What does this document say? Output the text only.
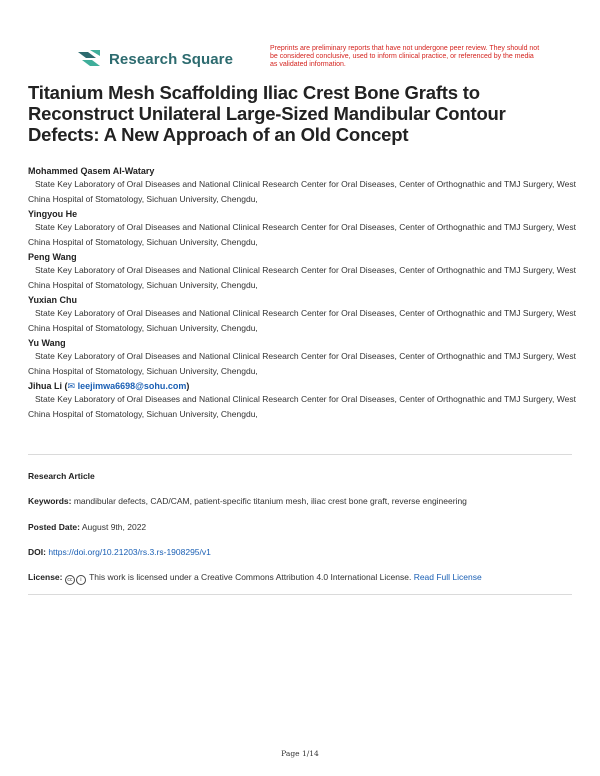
Research Square
Preprints are preliminary reports that have not undergone peer review. They should not be considered conclusive, used to inform clinical practice, or referenced by the media as validated information.
Titanium Mesh Scaffolding Iliac Crest Bone Grafts to Reconstruct Unilateral Large-Sized Mandibular Contour Defects: A New Approach of an Old Concept

Mohammed Qasem Al-Watary

State Key Laboratory of Oral Diseases and National Clinical Research Center for Oral Diseases, Center of Orthognathic and TMJ Surgery, West China Hospital of Stomatology, Sichuan University, Chengdu,

Yingyou He

State Key Laboratory of Oral Diseases and National Clinical Research Center for Oral Diseases, Center of Orthognathic and TMJ Surgery, West China Hospital of Stomatology, Sichuan University, Chengdu,

Peng Wang

State Key Laboratory of Oral Diseases and National Clinical Research Center for Oral Diseases, Center of Orthognathic and TMJ Surgery, West China Hospital of Stomatology, Sichuan University, Chengdu,

Yuxian Chu

State Key Laboratory of Oral Diseases and National Clinical Research Center for Oral Diseases, Center of Orthognathic and TMJ Surgery, West China Hospital of Stomatology, Sichuan University, Chengdu,

Yu Wang

State Key Laboratory of Oral Diseases and National Clinical Research Center for Oral Diseases, Center of Orthognathic and TMJ Surgery, West China Hospital of Stomatology, Sichuan University, Chengdu,

Jihua Li (✉ leejimwa6698@sohu.com)

State Key Laboratory of Oral Diseases and National Clinical Research Center for Oral Diseases, Center of Orthognathic and TMJ Surgery, West China Hospital of Stomatology, Sichuan University, Chengdu,

Research Article
Keywords: mandibular defects, CAD/CAM, patient-specific titanium mesh, iliac crest bone graft, reverse engineering
Posted Date: August 9th, 2022
DOI: https://doi.org/10.21203/rs.3.rs-1908295/v1
License: cc i This work is licensed under a Creative Commons Attribution 4.0 International License. Read Full License
Page 1/14
